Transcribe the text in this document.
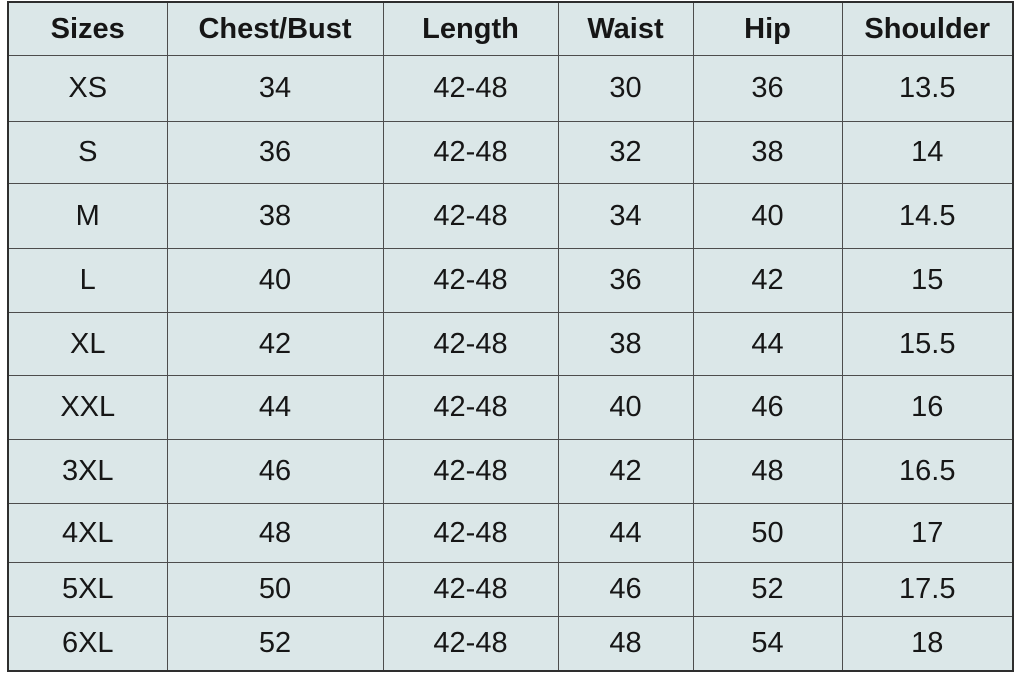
Sizes	Chest/Bust	Length	Waist	Hip	Shoulder
XS	34	42-48	30	36	13.5
S	36	42-48	32	38	14
M	38	42-48	34	40	14.5
L	40	42-48	36	42	15
XL	42	42-48	38	44	15.5
XXL	44	42-48	40	46	16
3XL	46	42-48	42	48	16.5
4XL	48	42-48	44	50	17
5XL	50	42-48	46	52	17.5
6XL	52	42-48	48	54	18
